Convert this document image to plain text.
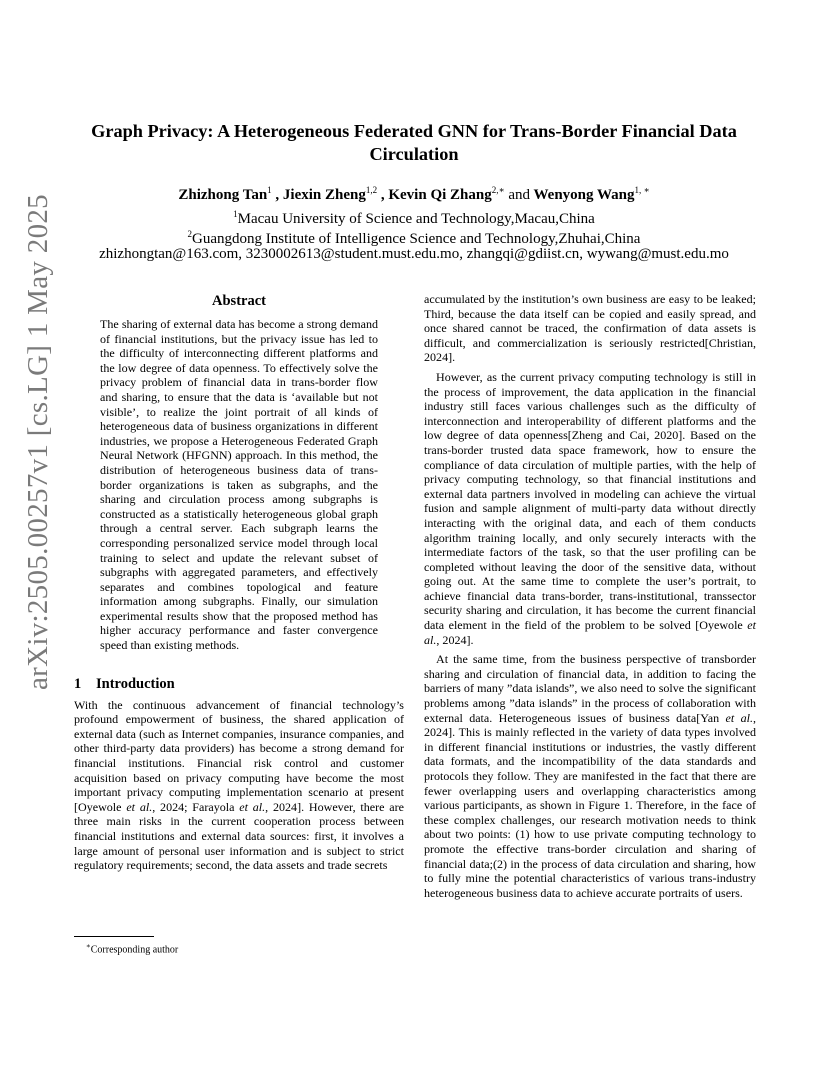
arXiv:2505.00257v1 [cs.LG] 1 May 2025
Graph Privacy: A Heterogeneous Federated GNN for Trans-Border Financial Data Circulation
Zhizhong Tan$^1$ , Jiexin Zheng$^{1,2}$ , Kevin Qi Zhang$^{2,∗}$ and Wenyong Wang$^{1, ∗}$
$^1$Macau University of Science and Technology,Macau,China
$^2$Guangdong Institute of Intelligence Science and Technology,Zhuhai,China
zhizhongtan@163.com, 3230002613@student.must.edu.mo, zhangqi@gdiist.cn, wywang@must.edu.mo
Abstract

The sharing of external data has become a strong demand of financial institutions, but the privacy issue has led to the difficulty of interconnecting different platforms and the low degree of data openness. To effectively solve the privacy problem of financial data in trans-border flow and sharing, to ensure that the data is ‘available but not visible’, to realize the joint portrait of all kinds of heterogeneous data of business organizations in different industries, we propose a Heterogeneous Federated Graph Neural Network (HFGNN) approach. In this method, the distribution of heterogeneous business data of trans-border organizations is taken as subgraphs, and the sharing and circulation process among subgraphs is constructed as a statistically heterogeneous global graph through a central server. Each subgraph learns the corresponding personalized service model through local training to select and update the relevant subset of subgraphs with aggregated parameters, and effectively separates and combines topological and feature information among subgraphs. Finally, our simulation experimental results show that the proposed method has higher accuracy performance and faster convergence speed than existing methods.

1 Introduction

With the continuous advancement of financial technology’s profound empowerment of business, the shared application of external data (such as Internet companies, insurance companies, and other third-party data providers) has become a strong demand for financial institutions. Financial risk control and customer acquisition based on privacy computing have become the most important privacy computing implementation scenario at present [Oyewole et al., 2024; Farayola et al., 2024]. However, there are three main risks in the current cooperation process between financial institutions and external data sources: first, it involves a large amount of personal user information and is subject to strict regulatory requirements; second, the data assets and trade secrets

accumulated by the institution’s own business are easy to be leaked; Third, because the data itself can be copied and easily spread, and once shared cannot be traced, the confirmation of data assets is difficult, and commercialization is seriously restricted[Christian, 2024].

However, as the current privacy computing technology is still in the process of improvement, the data application in the financial industry still faces various challenges such as the difficulty of interconnection and interoperability of different platforms and the low degree of data openness[Zheng and Cai, 2020]. Based on the trans-border trusted data space framework, how to ensure the compliance of data circulation of multiple parties, with the help of privacy computing technology, so that financial institutions and external data partners involved in modeling can achieve the virtual fusion and sample alignment of multi-party data without directly interacting with the original data, and each of them conducts algorithm training locally, and only securely interacts with the intermediate factors of the task, so that the user profiling can be completed without leaving the door of the sensitive data, without going out. At the same time to complete the user’s portrait, to achieve financial data trans-border, trans-institutional, transsector security sharing and circulation, it has become the current financial data element in the field of the problem to be solved [Oyewole et al., 2024].

At the same time, from the business perspective of transborder sharing and circulation of financial data, in addition to facing the barriers of many ”data islands”, we also need to solve the significant problems among ”data islands” in the process of collaboration with external data. Heterogeneous issues of business data[Yan et al., 2024]. This is mainly reflected in the variety of data types involved in different financial institutions or industries, the vastly different data formats, and the incompatibility of the data standards and protocols they follow. They are manifested in the fact that there are fewer overlapping users and overlapping characteristics among various participants, as shown in Figure 1. Therefore, in the face of these complex challenges, our research motivation needs to think about two points: (1) how to use private computing technology to promote the effective trans-border circulation and sharing of financial data;(2) in the process of data circulation and sharing, how to fully mine the potential characteristics of various trans-industry heterogeneous business data to achieve accurate portraits of users.

∗Corresponding author
